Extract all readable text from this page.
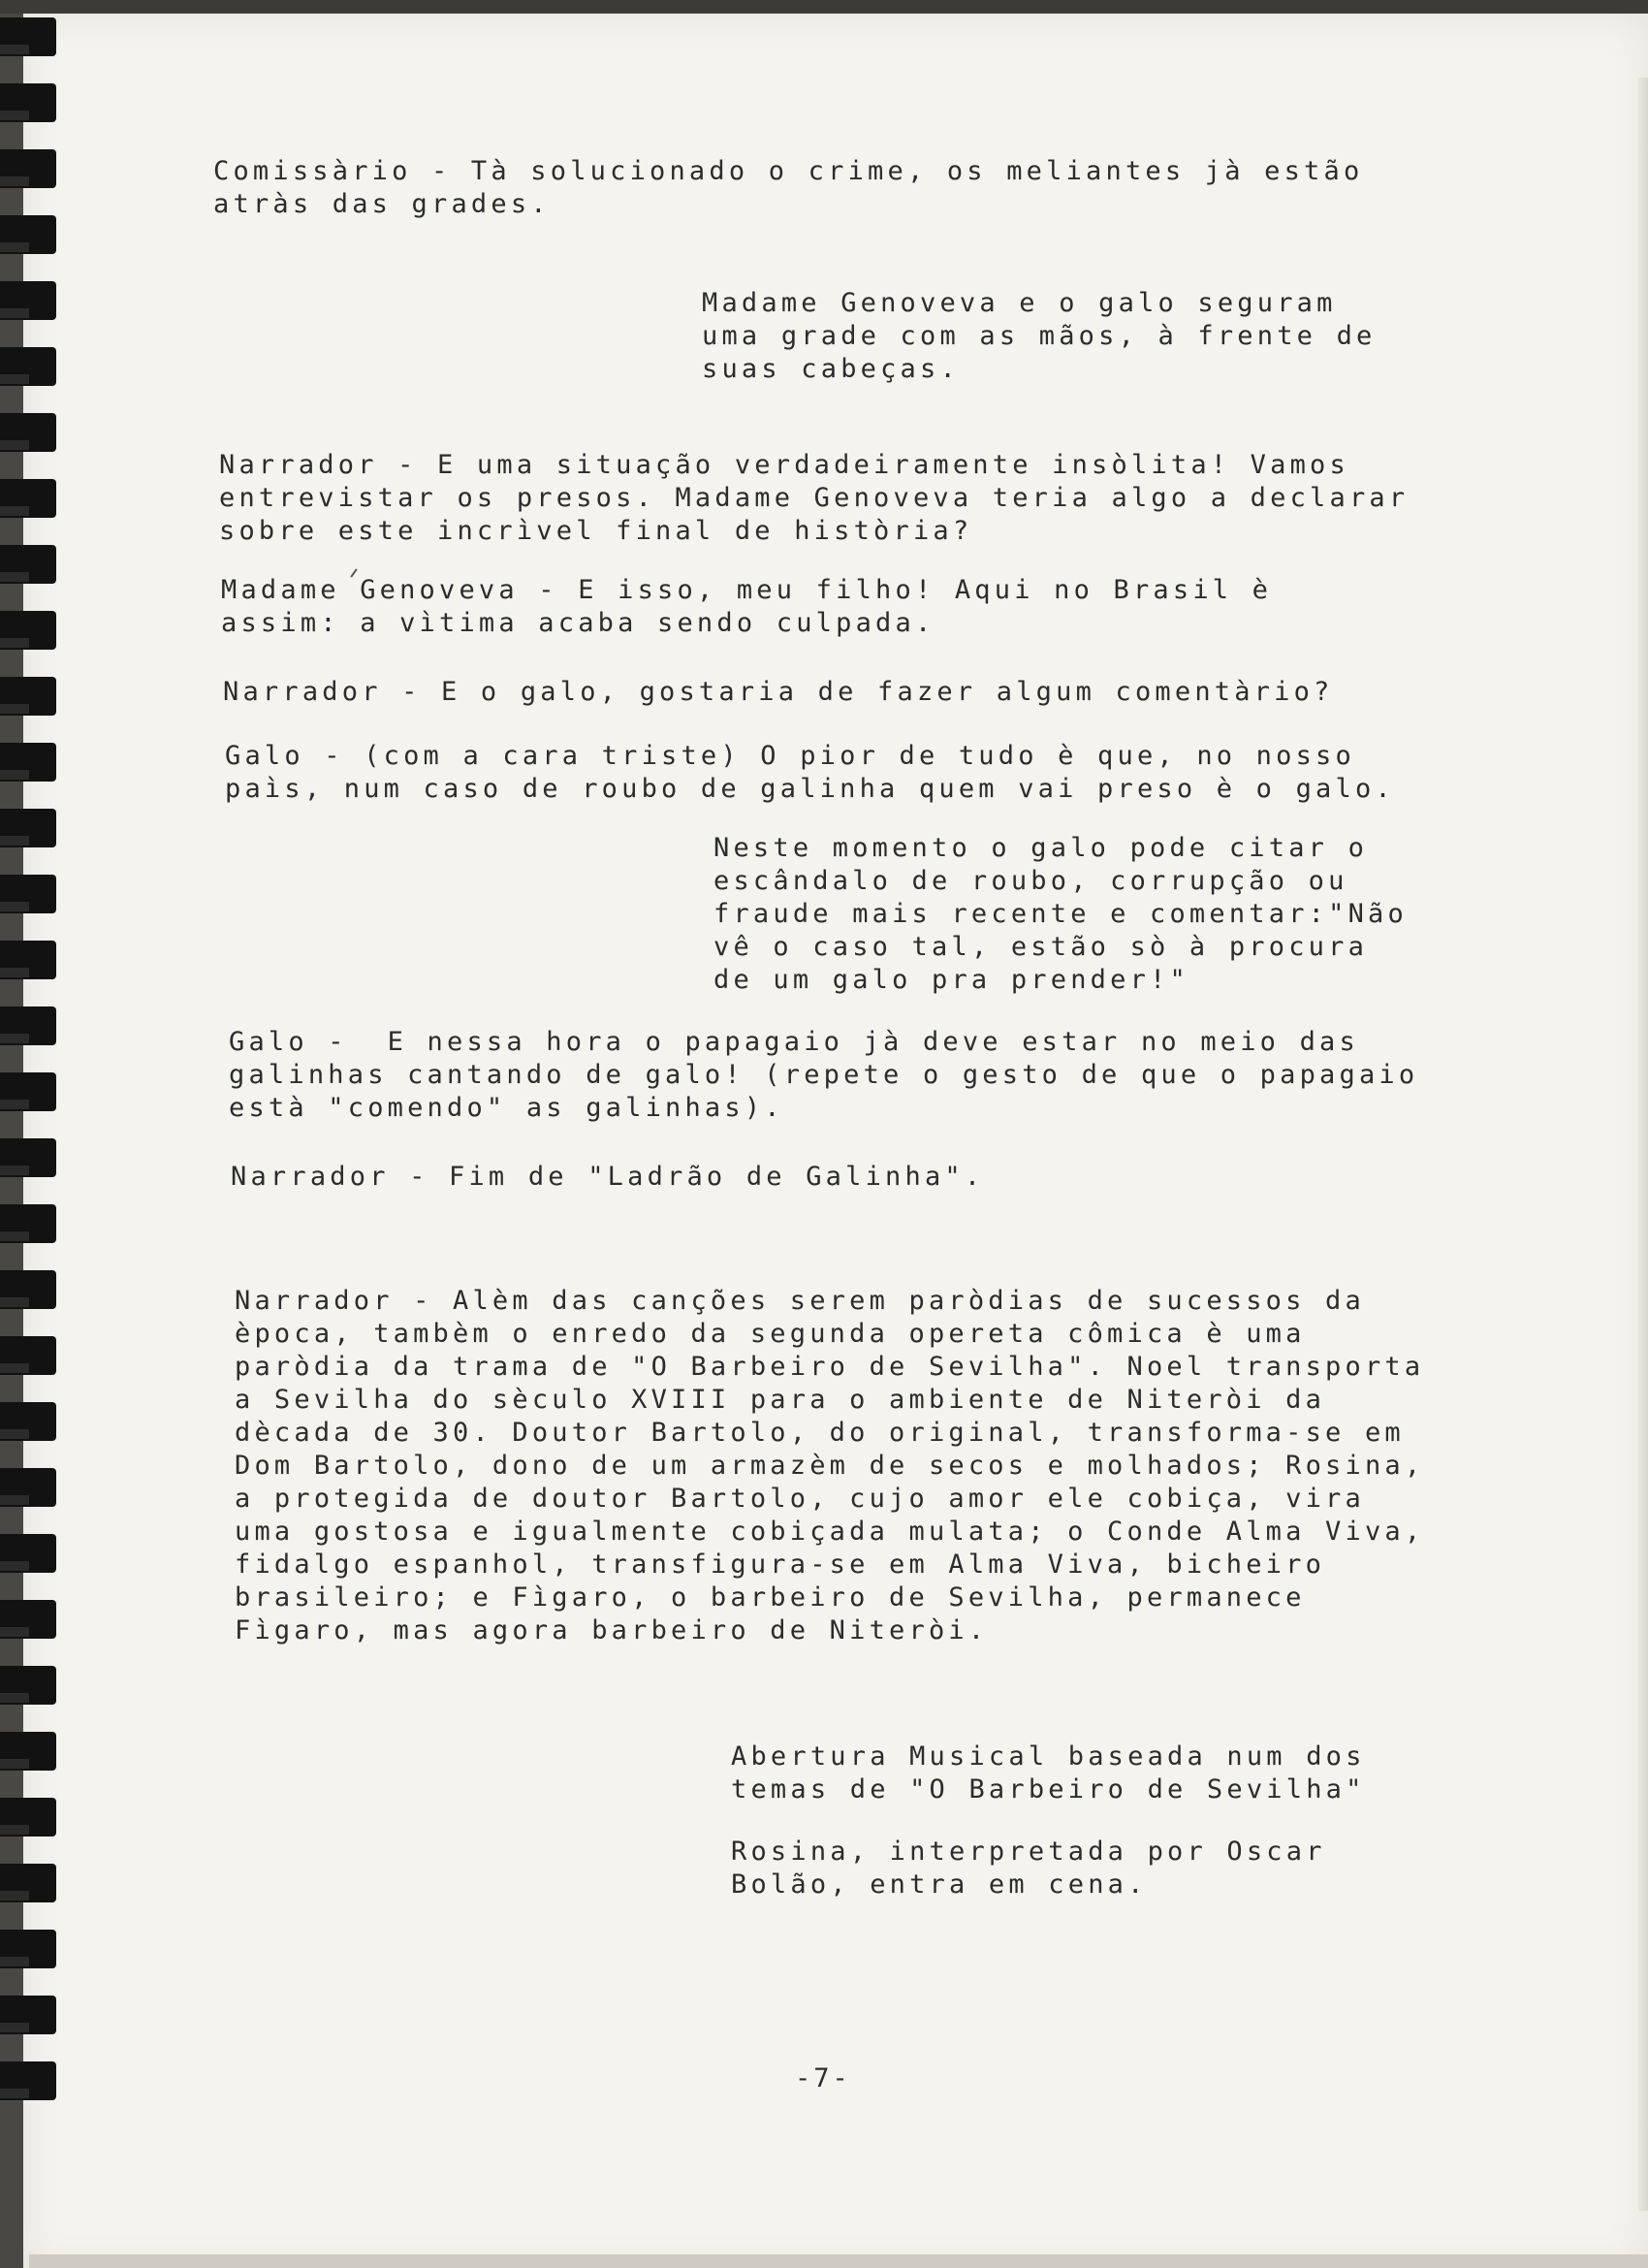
Comissàrio - Tà solucionado o crime, os meliantes jà estão
atràs das grades.

Madame Genoveva e o galo seguram
uma grade com as mãos, à frente de
suas cabeças.

Narrador - E uma situação verdadeiramente insòlita! Vamos
entrevistar os presos. Madame Genoveva teria algo a declarar
sobre este incrìvel final de història?

Madame Genoveva - E isso, meu filho! Aqui no Brasil è
assim: a vìtima acaba sendo culpada.

Narrador - E o galo, gostaria de fazer algum comentàrio?

Galo - (com a cara triste) O pior de tudo è que, no nosso
paìs, num caso de roubo de galinha quem vai preso è o galo.

Neste momento o galo pode citar o
escândalo de roubo, corrupção ou
fraude mais recente e comentar:"Não
vê o caso tal, estão sò à procura
de um galo pra prender!"

Galo -  E nessa hora o papagaio jà deve estar no meio das
galinhas cantando de galo! (repete o gesto de que o papagaio
està "comendo" as galinhas).

Narrador - Fim de "Ladrão de Galinha".

Narrador - Alèm das canções serem paròdias de sucessos da
època, tambèm o enredo da segunda opereta cômica è uma
paròdia da trama de "O Barbeiro de Sevilha". Noel transporta
a Sevilha do sèculo XVIII para o ambiente de Niteròi da
dècada de 30. Doutor Bartolo, do original, transforma-se em
Dom Bartolo, dono de um armazèm de secos e molhados; Rosina,
a protegida de doutor Bartolo, cujo amor ele cobiça, vira
uma gostosa e igualmente cobiçada mulata; o Conde Alma Viva,
fidalgo espanhol, transfigura-se em Alma Viva, bicheiro
brasileiro; e Fìgaro, o barbeiro de Sevilha, permanece
Fìgaro, mas agora barbeiro de Niteròi.

Abertura Musical baseada num dos
temas de "O Barbeiro de Sevilha"

Rosina, interpretada por Oscar
Bolão, entra em cena.

-7-
